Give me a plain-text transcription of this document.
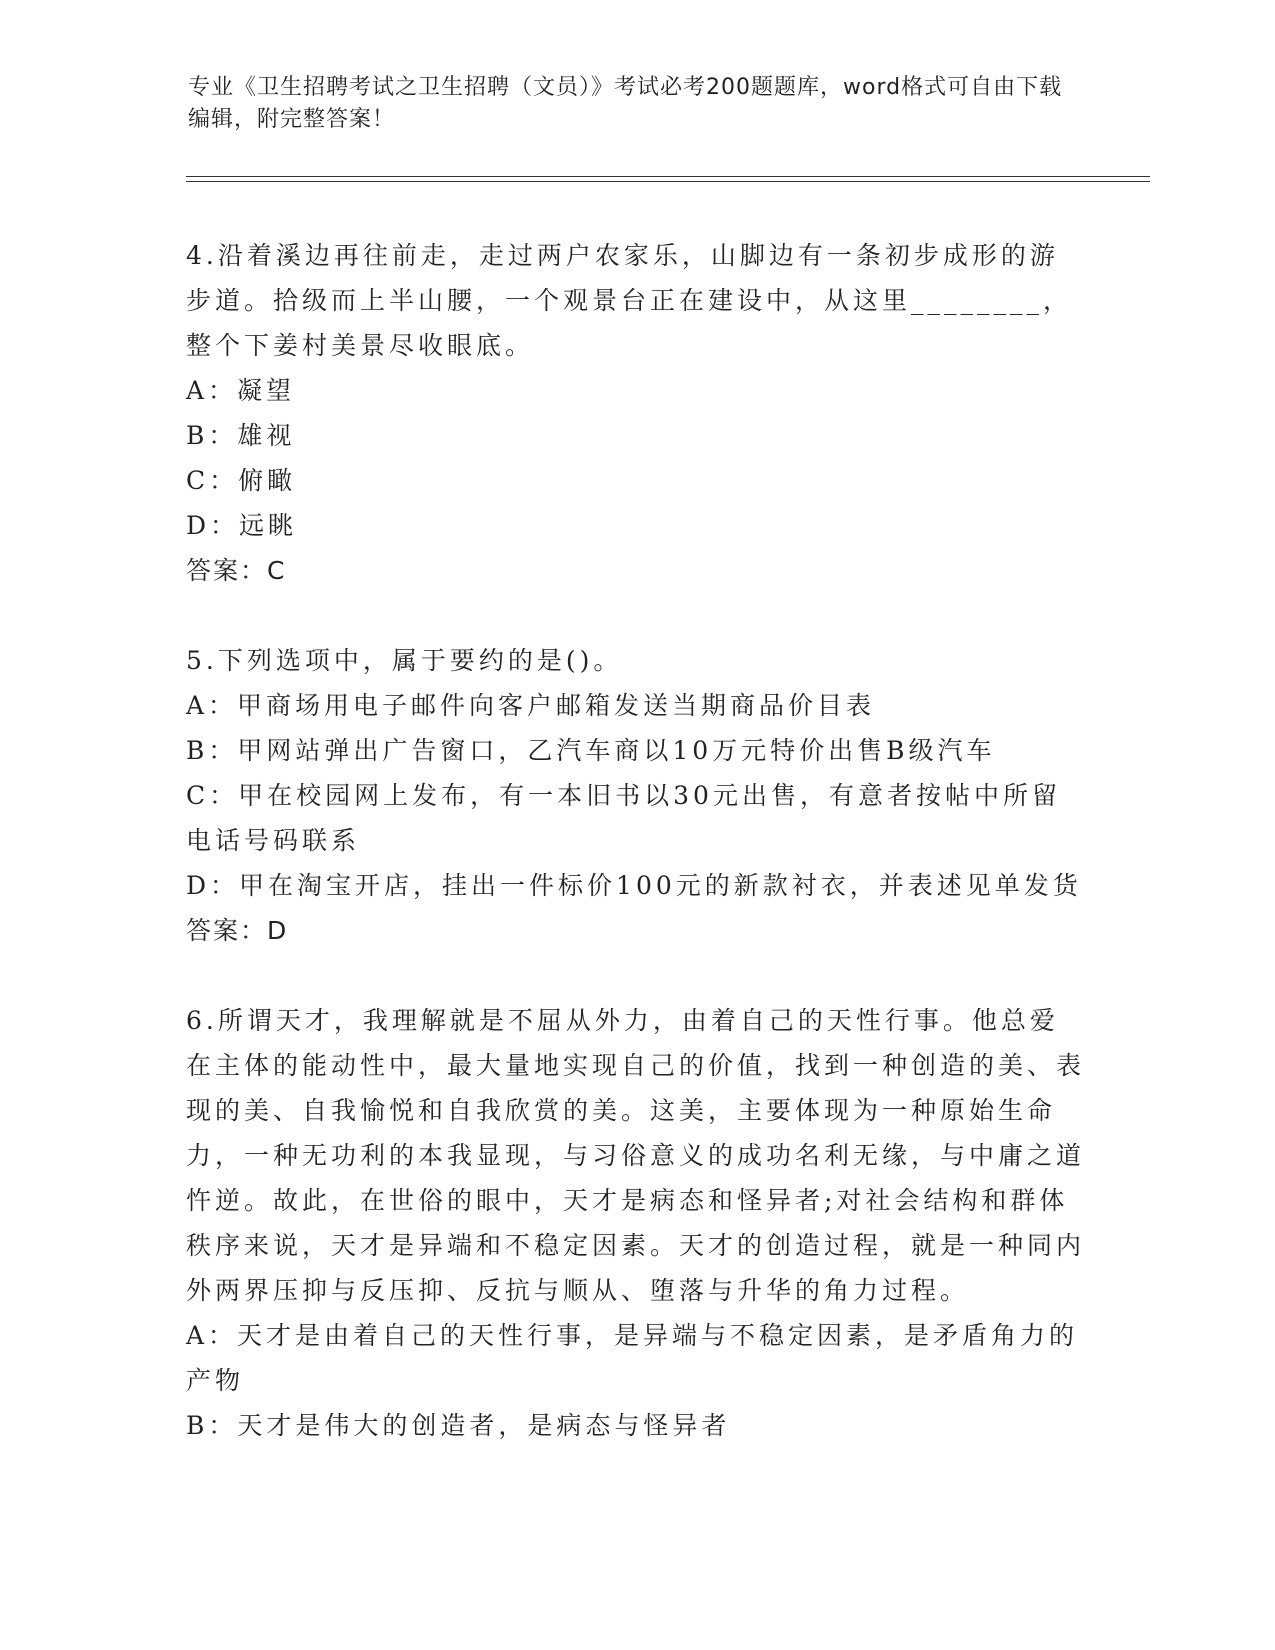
专业《卫生招聘考试之卫生招聘（文员）》考试必考200题题库，word格式可自由下载编辑，附完整答案！

4.沿着溪边再往前走，走过两户农家乐，山脚边有一条初步成形的游步道。拾级而上半山腰，一个观景台正在建设中，从这里________，整个下姜村美景尽收眼底。

A：凝望

B：雄视

C：俯瞰

D：远眺

答案：C

5.下列选项中，属于要约的是()。

A：甲商场用电子邮件向客户邮箱发送当期商品价目表

B：甲网站弹出广告窗口，乙汽车商以10万元特价出售B级汽车

C：甲在校园网上发布，有一本旧书以30元出售，有意者按帖中所留电话号码联系

D：甲在淘宝开店，挂出一件标价100元的新款衬衣，并表述见单发货

答案：D

6.所谓天才，我理解就是不屈从外力，由着自己的天性行事。他总爱在主体的能动性中，最大量地实现自己的价值，找到一种创造的美、表现的美、自我愉悦和自我欣赏的美。这美，主要体现为一种原始生命力，一种无功利的本我显现，与习俗意义的成功名利无缘，与中庸之道忤逆。故此，在世俗的眼中，天才是病态和怪异者;对社会结构和群体秩序来说，天才是异端和不稳定因素。天才的创造过程，就是一种同内外两界压抑与反压抑、反抗与顺从、堕落与升华的角力过程。

A：天才是由着自己的天性行事，是异端与不稳定因素，是矛盾角力的产物

B：天才是伟大的创造者，是病态与怪异者
